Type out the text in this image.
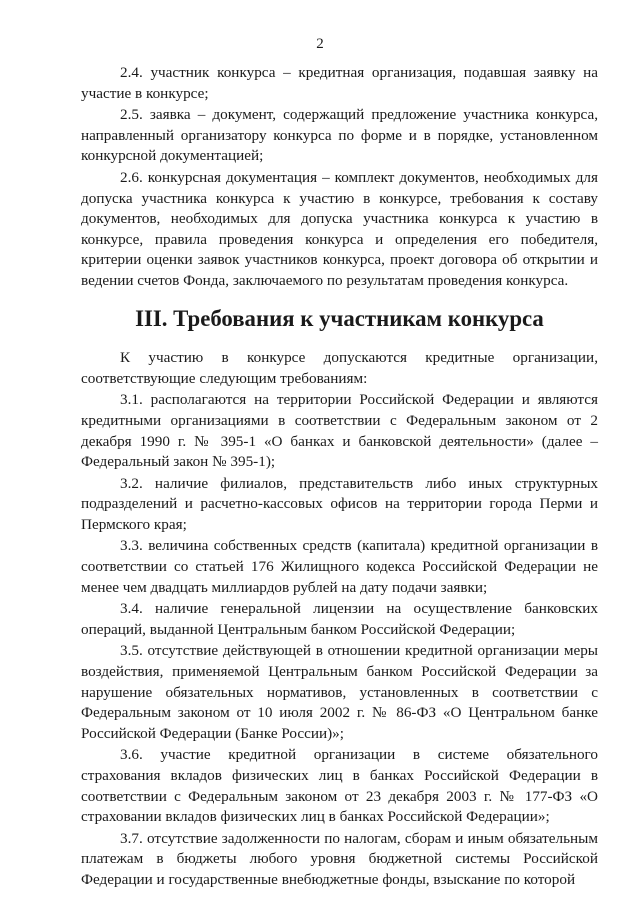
2

2.4. участник конкурса – кредитная организация, подавшая заявку на участие в конкурсе;

2.5. заявка – документ, содержащий предложение участника конкурса, направленный организатору конкурса по форме и в порядке, установленном конкурсной документацией;

2.6. конкурсная документация – комплект документов, необходимых для допуска участника конкурса к участию в конкурсе, требования к составу документов, необходимых для допуска участника конкурса к участию в конкурсе, правила проведения конкурса и определения его победителя, критерии оценки заявок участников конкурса, проект договора об открытии и ведении счетов Фонда, заключаемого по результатам проведения конкурса.

III. Требования к участникам конкурса

К участию в конкурсе допускаются кредитные организации, соответствующие следующим требованиям:

3.1. располагаются на территории Российской Федерации и являются кредитными организациями в соответствии с Федеральным законом от 2 декабря 1990 г. № 395-1 «О банках и банковской деятельности» (далее – Федеральный закон № 395-1);

3.2. наличие филиалов, представительств либо иных структурных подразделений и расчетно-кассовых офисов на территории города Перми и Пермского края;

3.3. величина собственных средств (капитала) кредитной организации в соответствии со статьей 176 Жилищного кодекса Российской Федерации не менее чем двадцать миллиардов рублей на дату подачи заявки;

3.4. наличие генеральной лицензии на осуществление банковских операций, выданной Центральным банком Российской Федерации;

3.5. отсутствие действующей в отношении кредитной организации меры воздействия, применяемой Центральным банком Российской Федерации за нарушение обязательных нормативов, установленных в соответствии с Федеральным законом от 10 июля 2002 г. № 86-ФЗ «О Центральном банке Российской Федерации (Банке России)»;

3.6. участие кредитной организации в системе обязательного страхования вкладов физических лиц в банках Российской Федерации в соответствии с Федеральным законом от 23 декабря 2003 г. № 177-ФЗ «О страховании вкладов физических лиц в банках Российской Федерации»;

3.7. отсутствие задолженности по налогам, сборам и иным обязательным платежам в бюджеты любого уровня бюджетной системы Российской Федерации и государственные внебюджетные фонды, взыскание по которой
